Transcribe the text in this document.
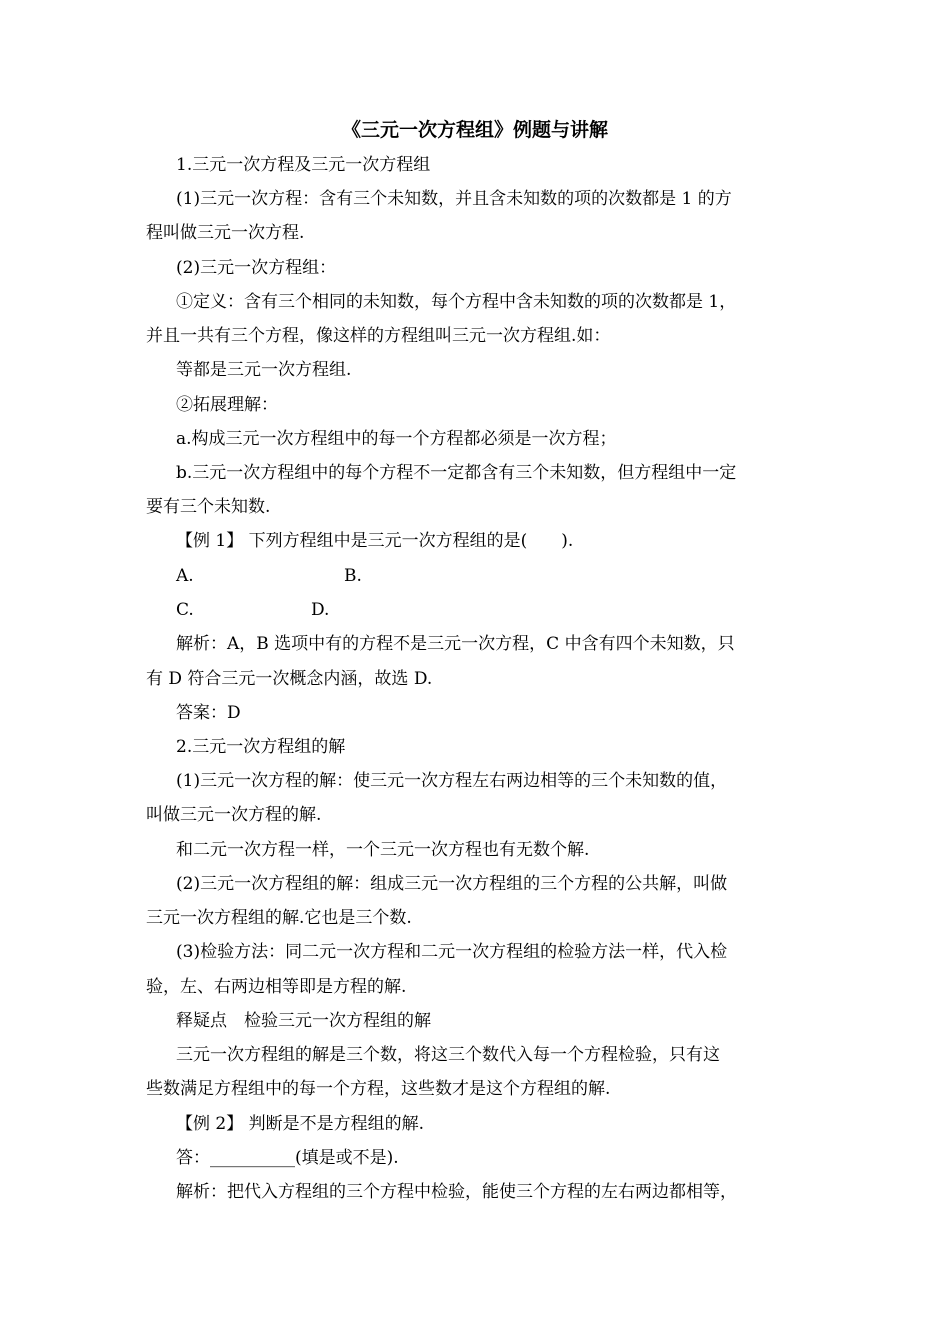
《三元一次方程组》例题与讲解
1.三元一次方程及三元一次方程组
(1)三元一次方程：含有三个未知数，并且含未知数的项的次数都是 1 的方
程叫做三元一次方程.
(2)三元一次方程组：
①定义：含有三个相同的未知数，每个方程中含未知数的项的次数都是 1，
并且一共有三个方程，像这样的方程组叫三元一次方程组.如：
等都是三元一次方程组.
②拓展理解：
a.构成三元一次方程组中的每一个方程都必须是一次方程；
b.三元一次方程组中的每个方程不一定都含有三个未知数，但方程组中一定
要有三个未知数.
【例 1】 下列方程组中是三元一次方程组的是(　　).
A.	B.
C.	D.
解析：A，B 选项中有的方程不是三元一次方程，C 中含有四个未知数，只
有 D 符合三元一次概念内涵，故选 D.
答案：D
2.三元一次方程组的解
(1)三元一次方程的解：使三元一次方程左右两边相等的三个未知数的值，
叫做三元一次方程的解.
和二元一次方程一样，一个三元一次方程也有无数个解.
(2)三元一次方程组的解：组成三元一次方程组的三个方程的公共解，叫做
三元一次方程组的解.它也是三个数.
(3)检验方法：同二元一次方程和二元一次方程组的检验方法一样，代入检
验，左、右两边相等即是方程的解.
释疑点　检验三元一次方程组的解
三元一次方程组的解是三个数，将这三个数代入每一个方程检验，只有这
些数满足方程组中的每一个方程，这些数才是这个方程组的解.
【例 2】 判断是不是方程组的解.
答：__________(填是或不是).
解析：把代入方程组的三个方程中检验，能使三个方程的左右两边都相等，
